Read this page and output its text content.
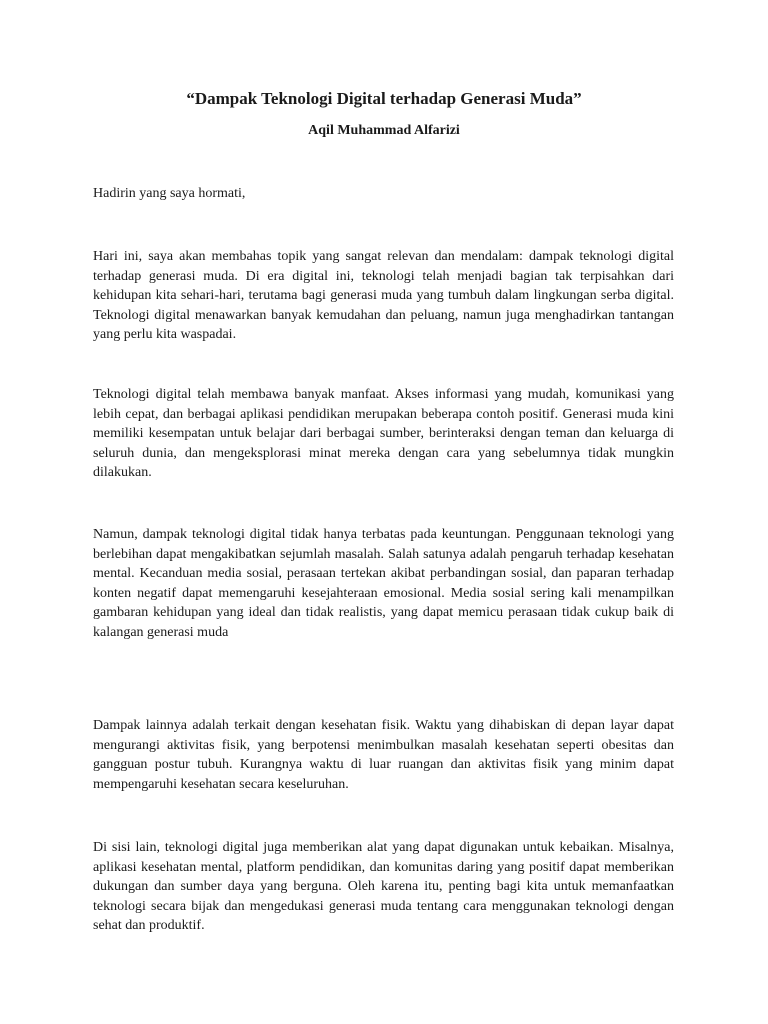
“Dampak Teknologi Digital terhadap Generasi Muda”
Aqil Muhammad Alfarizi
Hadirin yang saya hormati,

Hari ini, saya akan membahas topik yang sangat relevan dan mendalam: dampak teknologi digital terhadap generasi muda. Di era digital ini, teknologi telah menjadi bagian tak terpisahkan dari kehidupan kita sehari-hari, terutama bagi generasi muda yang tumbuh dalam lingkungan serba digital. Teknologi digital menawarkan banyak kemudahan dan peluang, namun juga menghadirkan tantangan yang perlu kita waspadai.

Teknologi digital telah membawa banyak manfaat. Akses informasi yang mudah, komunikasi yang lebih cepat, dan berbagai aplikasi pendidikan merupakan beberapa contoh positif. Generasi muda kini memiliki kesempatan untuk belajar dari berbagai sumber, berinteraksi dengan teman dan keluarga di seluruh dunia, dan mengeksplorasi minat mereka dengan cara yang sebelumnya tidak mungkin dilakukan.

Namun, dampak teknologi digital tidak hanya terbatas pada keuntungan. Penggunaan teknologi yang berlebihan dapat mengakibatkan sejumlah masalah. Salah satunya adalah pengaruh terhadap kesehatan mental. Kecanduan media sosial, perasaan tertekan akibat perbandingan sosial, dan paparan terhadap konten negatif dapat memengaruhi kesejahteraan emosional. Media sosial sering kali menampilkan gambaran kehidupan yang ideal dan tidak realistis, yang dapat memicu perasaan tidak cukup baik di kalangan generasi muda

Dampak lainnya adalah terkait dengan kesehatan fisik. Waktu yang dihabiskan di depan layar dapat mengurangi aktivitas fisik, yang berpotensi menimbulkan masalah kesehatan seperti obesitas dan gangguan postur tubuh. Kurangnya waktu di luar ruangan dan aktivitas fisik yang minim dapat mempengaruhi kesehatan secara keseluruhan.

Di sisi lain, teknologi digital juga memberikan alat yang dapat digunakan untuk kebaikan. Misalnya, aplikasi kesehatan mental, platform pendidikan, dan komunitas daring yang positif dapat memberikan dukungan dan sumber daya yang berguna. Oleh karena itu, penting bagi kita untuk memanfaatkan teknologi secara bijak dan mengedukasi generasi muda tentang cara menggunakan teknologi dengan sehat dan produktif.
